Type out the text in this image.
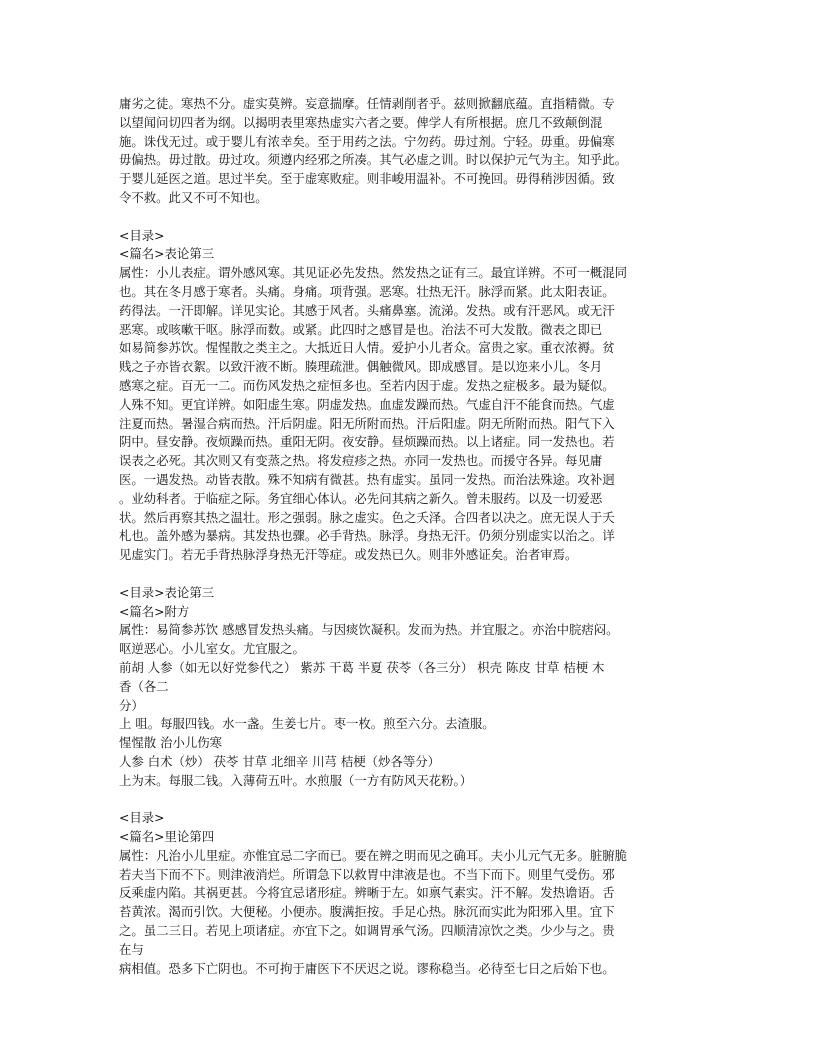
庸劣之徒。寒热不分。虚实莫辨。妄意揣摩。任情剥削者乎。兹则掀翻底蕴。直指精微。专

以望闻问切四者为纲。以揭明表里寒热虚实六者之要。俾学人有所根据。庶几不致颠倒混

施。诛伐无过。或于婴儿有浓幸矣。至于用药之法。宁勿药。毋过剂。宁轻。毋重。毋偏寒

毋偏热。毋过散。毋过攻。须遵内经邪之所凑。其气必虚之训。时以保护元气为主。知乎此。

于婴儿延医之道。思过半矣。至于虚寒败症。则非峻用温补。不可挽回。毋得稍涉因循。致

令不救。此又不可不知也。

<目录>

<篇名>表论第三

属性：小儿表症。谓外感风寒。其见证必先发热。然发热之证有三。最宜详辨。不可一概混同

也。其在冬月感于寒者。头痛。身痛。项背强。恶寒。壮热无汗。脉浮而紧。此太阳表证。

药得法。一汗即解。详见实论。其感于风者。头痛鼻塞。流涕。发热。或有汗恶风。或无汗

恶寒。或咳嗽干呕。脉浮而数。或紧。此四时之感冒是也。治法不可大发散。微表之即已

如易简参苏饮。惺惺散之类主之。大抵近日人情。爱护小儿者众。富贵之家。重衣浓褥。贫

贱之子亦皆衣絮。以致汗液不断。腠理疏泄。偶触微风。即成感冒。是以迩来小儿。冬月

感寒之症。百无一二。而伤风发热之症恒多也。至若内因于虚。发热之症极多。最为疑似。

人殊不知。更宜详辨。如阳虚生寒。阴虚发热。血虚发躁而热。气虚自汗不能食而热。气虚

注夏而热。暑湿合病而热。汗后阴虚。阳无所附而热。汗后阳虚。阴无所附而热。阳气下入

阴中。昼安静。夜烦躁而热。重阳无阴。夜安静。昼烦躁而热。以上诸症。同一发热也。若

误表之必死。其次则又有变蒸之热。将发痘疹之热。亦同一发热也。而援守各异。每见庸

医。一遇发热。动皆表散。殊不知病有微甚。热有虚实。虽同一发热。而治法殊途。攻补迥

。业幼科者。于临症之际。务宜细心体认。必先问其病之新久。曾未服药。以及一切爱恶

状。然后再察其热之温壮。形之强弱。脉之虚实。色之夭泽。合四者以决之。庶无误人于夭

札也。盖外感为暴病。其发热也骤。必手背热。脉浮。身热无汗。仍须分别虚实以治之。详

见虚实门。若无手背热脉浮身热无汗等症。或发热已久。则非外感证矣。治者审焉。

<目录>表论第三

<篇名>附方

属性：易简参苏饮 感感冒发热头痛。与因痰饮凝积。发而为热。并宜服之。亦治中脘痞闷。

呕逆恶心。小儿室女。尤宜服之。

前胡 人参（如无以好党参代之） 紫苏 干葛 半夏 茯苓（各三分） 枳壳 陈皮 甘草 桔梗 木

香（各二

分）

上 咀。每服四钱。水一盏。生姜七片。枣一枚。煎至六分。去渣服。

惺惺散 治小儿伤寒

人参 白术（炒） 茯苓 甘草 北细辛 川芎 桔梗（炒各等分）

上为末。每服二钱。入薄荷五叶。水煎服（一方有防风天花粉。）

<目录>

<篇名>里论第四

属性：凡治小儿里症。亦惟宜忌二字而已。要在辨之明而见之确耳。夫小儿元气无多。脏腑脆

若夫当下而不下。则津液消烂。所谓急下以救胃中津液是也。不当下而下。则里气受伤。邪

反乘虚内陷。其祸更甚。今将宜忌诸形症。辨晰于左。如禀气素实。汗不解。发热谵语。舌

苔黄浓。渴而引饮。大便秘。小便赤。腹满拒按。手足心热。脉沉而实此为阳邪入里。宜下

之。虽二三日。若见上项诸症。亦宜下之。如调胃承气汤。四顺清凉饮之类。少少与之。贵

在与

病相值。恐多下亡阴也。不可拘于庸医下不厌迟之说。谬称稳当。必待至七日之后始下也。
